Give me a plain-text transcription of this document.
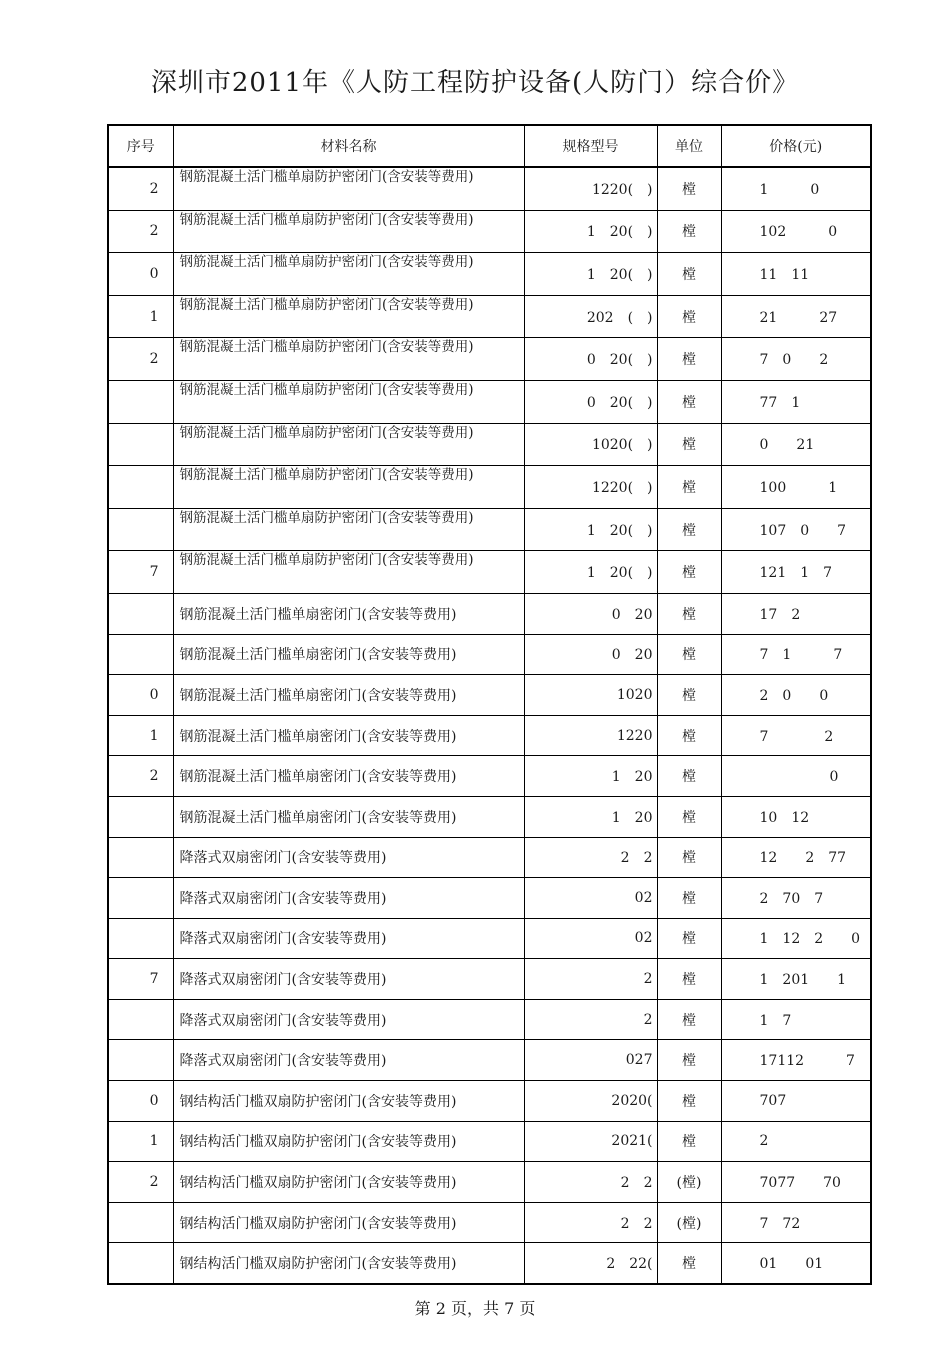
深圳市2011年《人防工程防护设备(人防门）综合价》
序号	材料名称	规格型号	单位	价格(元)
2	钢筋混凝土活门槛单扇防护密闭门(含安装等费用)	1220(　)	樘	1　　　0
2	钢筋混凝土活门槛单扇防护密闭门(含安装等费用)	1　20(　)	樘	102　　　0
0	钢筋混凝土活门槛单扇防护密闭门(含安装等费用)	1　20(　)	樘	11　11
1	钢筋混凝土活门槛单扇防护密闭门(含安装等费用)	202　(　)	樘	21　　　27
2	钢筋混凝土活门槛单扇防护密闭门(含安装等费用)	0　20(　)	樘	7　0　　2
	钢筋混凝土活门槛单扇防护密闭门(含安装等费用)	0　20(　)	樘	77　1
	钢筋混凝土活门槛单扇防护密闭门(含安装等费用)	1020(　)	樘	0　　21
	钢筋混凝土活门槛单扇防护密闭门(含安装等费用)	1220(　)	樘	100　　　1
	钢筋混凝土活门槛单扇防护密闭门(含安装等费用)	1　20(　)	樘	107　0　　7
7	钢筋混凝土活门槛单扇防护密闭门(含安装等费用)	1　20(　)	樘	121　1　7
	钢筋混凝土活门槛单扇密闭门(含安装等费用)	0　20	樘	17　2
	钢筋混凝土活门槛单扇密闭门(含安装等费用)	0　20	樘	7　1　　　7
0	钢筋混凝土活门槛单扇密闭门(含安装等费用)	1020	樘	2　0　　0
1	钢筋混凝土活门槛单扇密闭门(含安装等费用)	1220	樘	7　　　　2
2	钢筋混凝土活门槛单扇密闭门(含安装等费用)	1　20	樘	　　　　　0
	钢筋混凝土活门槛单扇密闭门(含安装等费用)	1　20	樘	10　12
	降落式双扇密闭门(含安装等费用)	2　2	樘	12　　2　77
	降落式双扇密闭门(含安装等费用)	02	樘	2　70　7
	降落式双扇密闭门(含安装等费用)	02	樘	1　12　2　　0
7	降落式双扇密闭门(含安装等费用)	2	樘	1　201　　1
	降落式双扇密闭门(含安装等费用)	2	樘	1　7
	降落式双扇密闭门(含安装等费用)	027	樘	17112　　　7
0	钢结构活门槛双扇防护密闭门(含安装等费用)	2020(	樘	707
1	钢结构活门槛双扇防护密闭门(含安装等费用)	2021(	樘	2
2	钢结构活门槛双扇防护密闭门(含安装等费用)	2　2	(樘)	7077　　70
	钢结构活门槛双扇防护密闭门(含安装等费用)	2　2	(樘)	7　72
	钢结构活门槛双扇防护密闭门(含安装等费用)	2　22(	樘	01　　01
第 2 页，共 7 页
